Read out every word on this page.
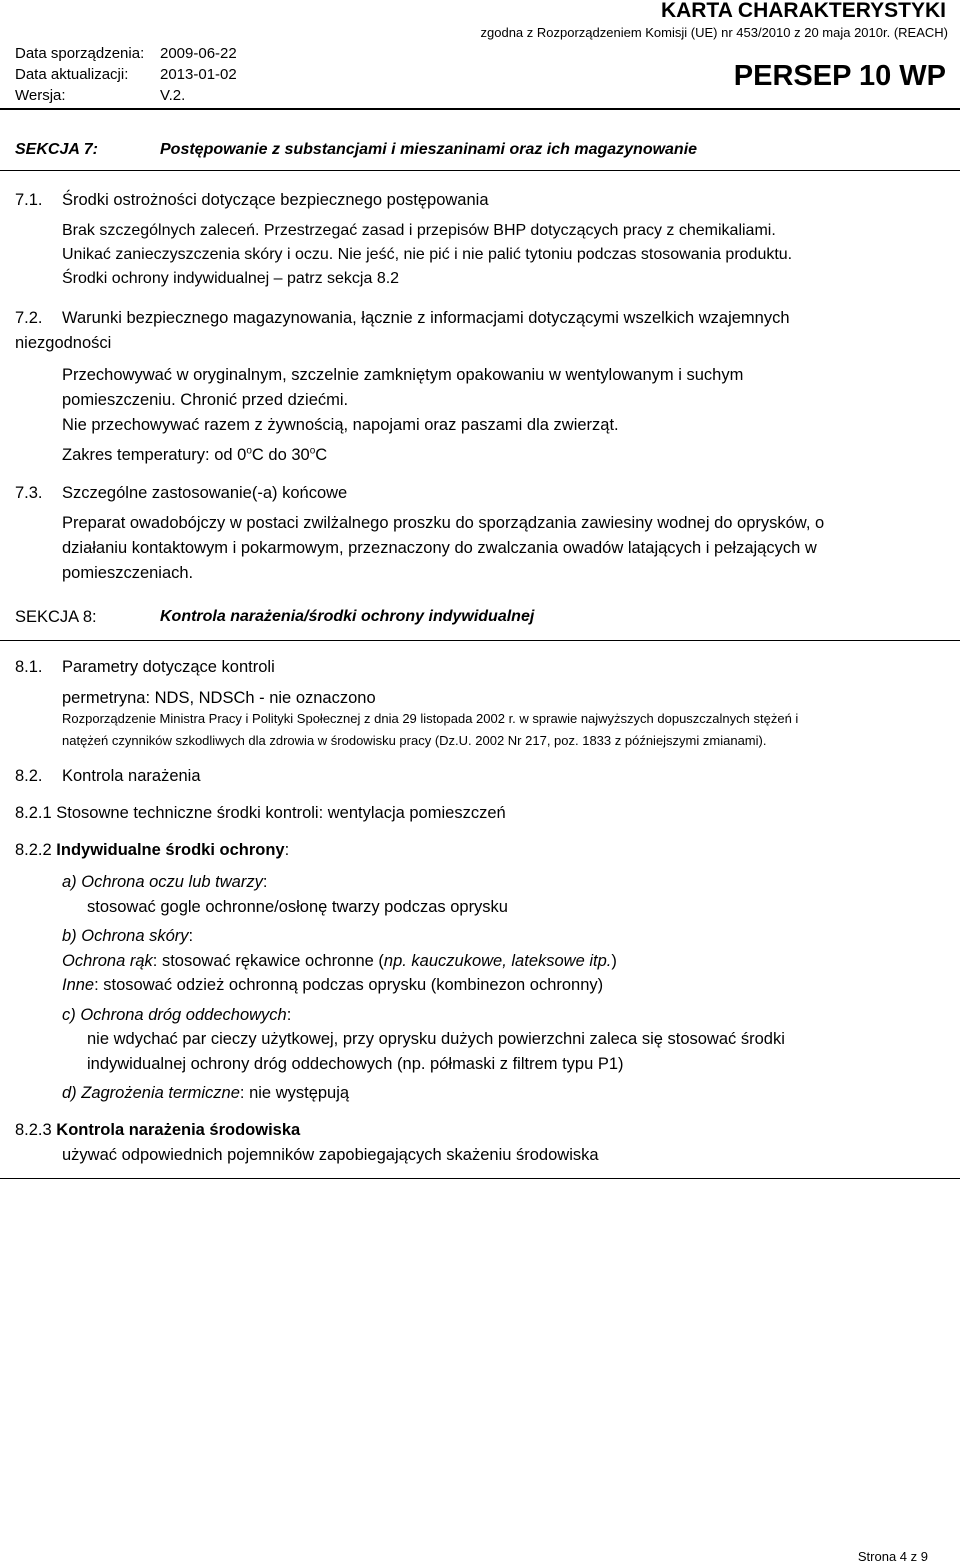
Data sporządzenia: 2009-06-22
Data aktualizacji: 2013-01-02
Wersja:	V.2.
KARTA CHARAKTERYSTYKI
zgodna z Rozporządzeniem Komisji (UE) nr 453/2010 z 20 maja 2010r. (REACH)
PERSEP 10 WP
SEKCJA 7:	Postępowanie z substancjami i mieszaninami oraz ich magazynowanie
7.1. Środki ostrożności dotyczące bezpiecznego postępowania
Brak szczególnych zaleceń. Przestrzegać zasad i przepisów BHP dotyczących pracy z chemikaliami.
Unikać zanieczyszczenia skóry i oczu. Nie jeść, nie pić i nie palić tytoniu podczas stosowania produktu.
Środki ochrony indywidualnej – patrz sekcja 8.2
7.2. Warunki bezpiecznego magazynowania, łącznie z informacjami dotyczącymi wszelkich wzajemnych
niezgodności
Przechowywać w oryginalnym, szczelnie zamkniętym opakowaniu w wentylowanym i suchym
pomieszczeniu. Chronić przed dziećmi.
Nie przechowywać razem z żywnością, napojami oraz paszami dla zwierząt.
Zakres temperatury: od 0$^o$C do 30$^o$C
7.3. Szczególne zastosowanie(-a) końcowe
Preparat owadobójczy w postaci zwilżalnego proszku do sporządzania zawiesiny wodnej do oprysków, o
działaniu kontaktowym i pokarmowym, przeznaczony do zwalczania owadów latających i pełzających w
pomieszczeniach.
SEKCJA 8:	Kontrola narażenia/środki ochrony indywidualnej
8.1. Parametry dotyczące kontroli
permetryna: NDS, NDSCh - nie oznaczono
Rozporządzenie Ministra Pracy i Polityki Społecznej z dnia 29 listopada 2002 r. w sprawie najwyższych dopuszczalnych stężeń i
natężeń czynników szkodliwych dla zdrowia w środowisku pracy (Dz.U. 2002 Nr 217, poz. 1833 z późniejszymi zmianami).
8.2. Kontrola narażenia
8.2.1 Stosowne techniczne środki kontroli: wentylacja pomieszczeń
8.2.2 Indywidualne środki ochrony:
a) Ochrona oczu lub twarzy:
stosować gogle ochronne/osłonę twarzy podczas oprysku
b) Ochrona skóry:
Ochrona rąk: stosować rękawice ochronne (np. kauczukowe, lateksowe itp.)
Inne: stosować odzież ochronną podczas oprysku (kombinezon ochronny)
c) Ochrona dróg oddechowych:
nie wdychać par cieczy użytkowej, przy oprysku dużych powierzchni zaleca się stosować środki
indywidualnej ochrony dróg oddechowych (np. półmaski z filtrem typu P1)
d) Zagrożenia termiczne: nie występują
8.2.3 Kontrola narażenia środowiska
używać odpowiednich pojemników zapobiegających skażeniu środowiska
Strona 4 z 9
